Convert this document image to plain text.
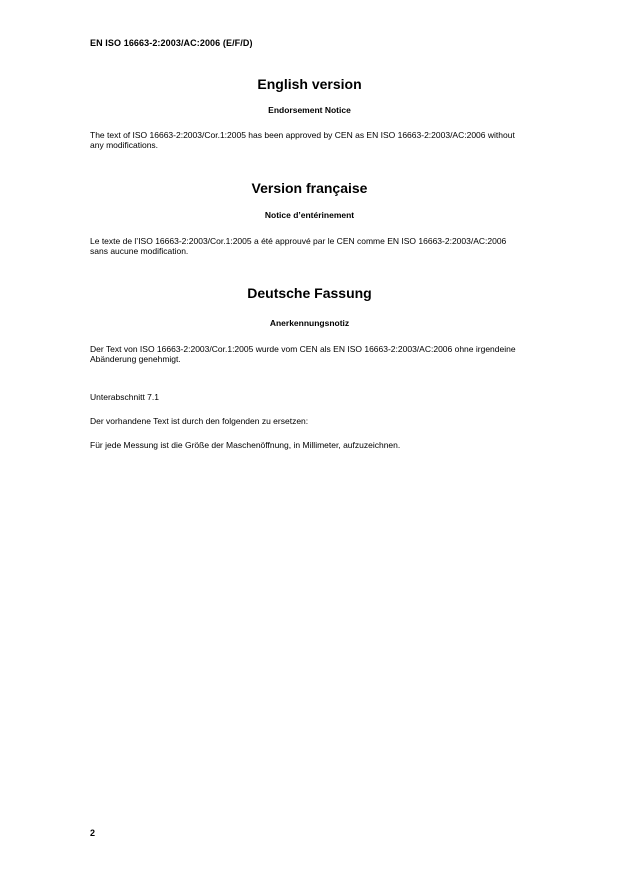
EN ISO 16663-2:2003/AC:2006 (E/F/D)
English version
Endorsement Notice
The text of ISO 16663-2:2003/Cor.1:2005 has been approved by CEN as EN ISO 16663-2:2003/AC:2006 without any modifications.
Version française
Notice d’entérinement
Le texte de l’ISO 16663-2:2003/Cor.1:2005 a été approuvé par le CEN comme EN ISO 16663-2:2003/AC:2006 sans aucune modification.
Deutsche Fassung
Anerkennungsnotiz
Der Text von ISO 16663-2:2003/Cor.1:2005 wurde vom CEN als EN ISO 16663-2:2003/AC:2006 ohne irgendeine Abänderung genehmigt.
Unterabschnitt 7.1
Der vorhandene Text ist durch den folgenden zu ersetzen:
Für jede Messung ist die Größe der Maschenöffnung, in Millimeter, aufzuzeichnen.
2
